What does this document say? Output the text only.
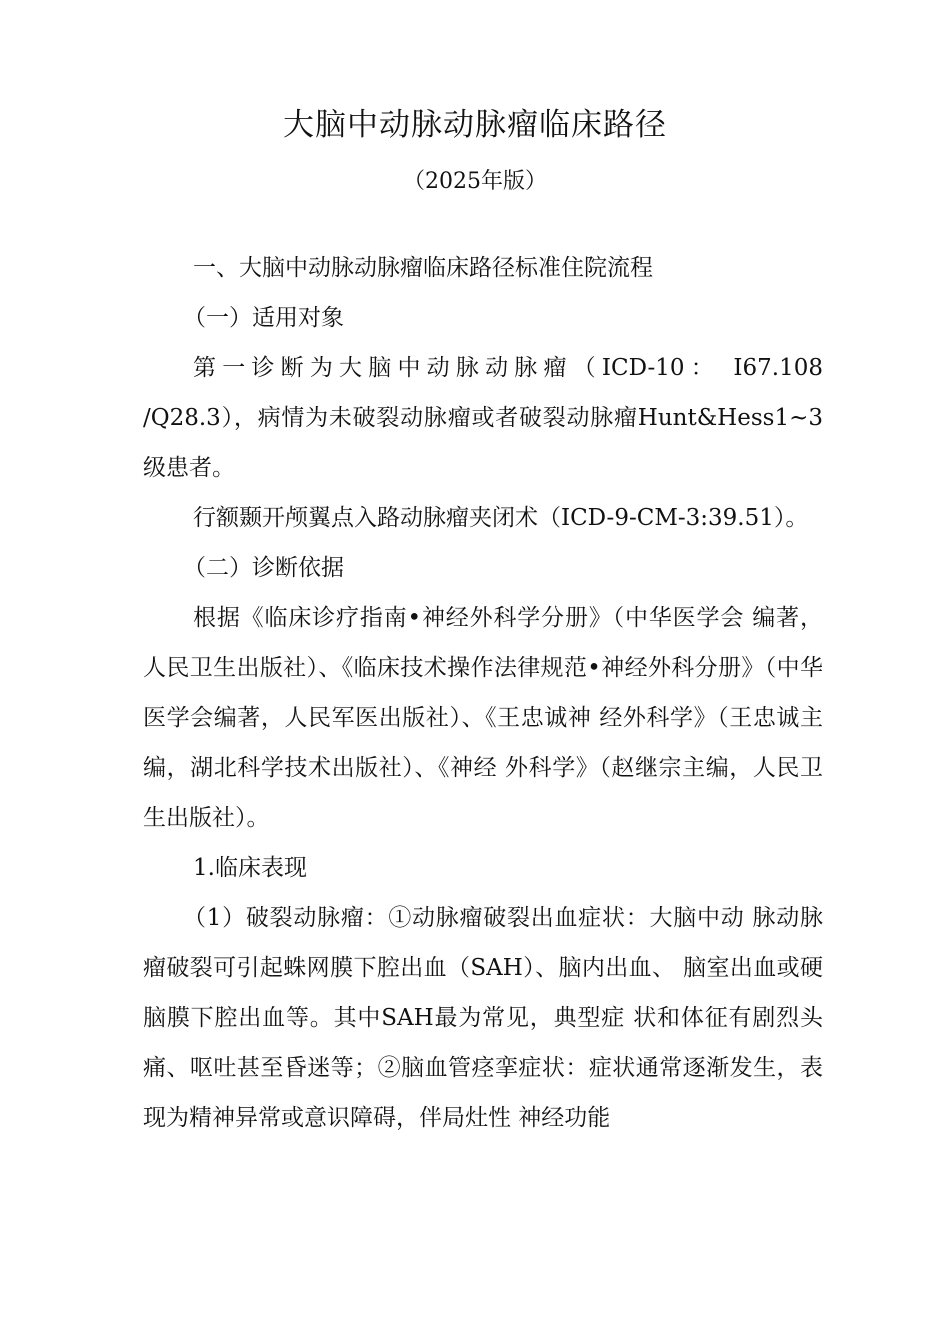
大脑中动脉动脉瘤临床路径
（2025年版）

一、大脑中动脉动脉瘤临床路径标准住院流程

（一）适用对象

第一诊断为大脑中动脉动脉瘤（ICD-10： I67.108 /Q28.3），病情为未破裂动脉瘤或者破裂动脉瘤Hunt&Hess1~3级患者。

行额颞开颅翼点入路动脉瘤夹闭术（ICD-9-CM-3:39.51）。

（二）诊断依据

根据《临床诊疗指南•神经外科学分册》（中华医学会 编著，人民卫生出版社）、《临床技术操作法律规范•神经外科分册》（中华医学会编著，人民军医出版社）、《王忠诚神 经外科学》（王忠诚主编，湖北科学技术出版社）、《神经 外科学》（赵继宗主编，人民卫生出版社）。

1.临床表现

（1）破裂动脉瘤：①动脉瘤破裂出血症状：大脑中动 脉动脉瘤破裂可引起蛛网膜下腔出血（SAH）、脑内出血、 脑室出血或硬脑膜下腔出血等。其中SAH最为常见，典型症 状和体征有剧烈头痛、呕吐甚至昏迷等；②脑血管痉挛症状：症状通常逐渐发生，表现为精神异常或意识障碍，伴局灶性 神经功能
